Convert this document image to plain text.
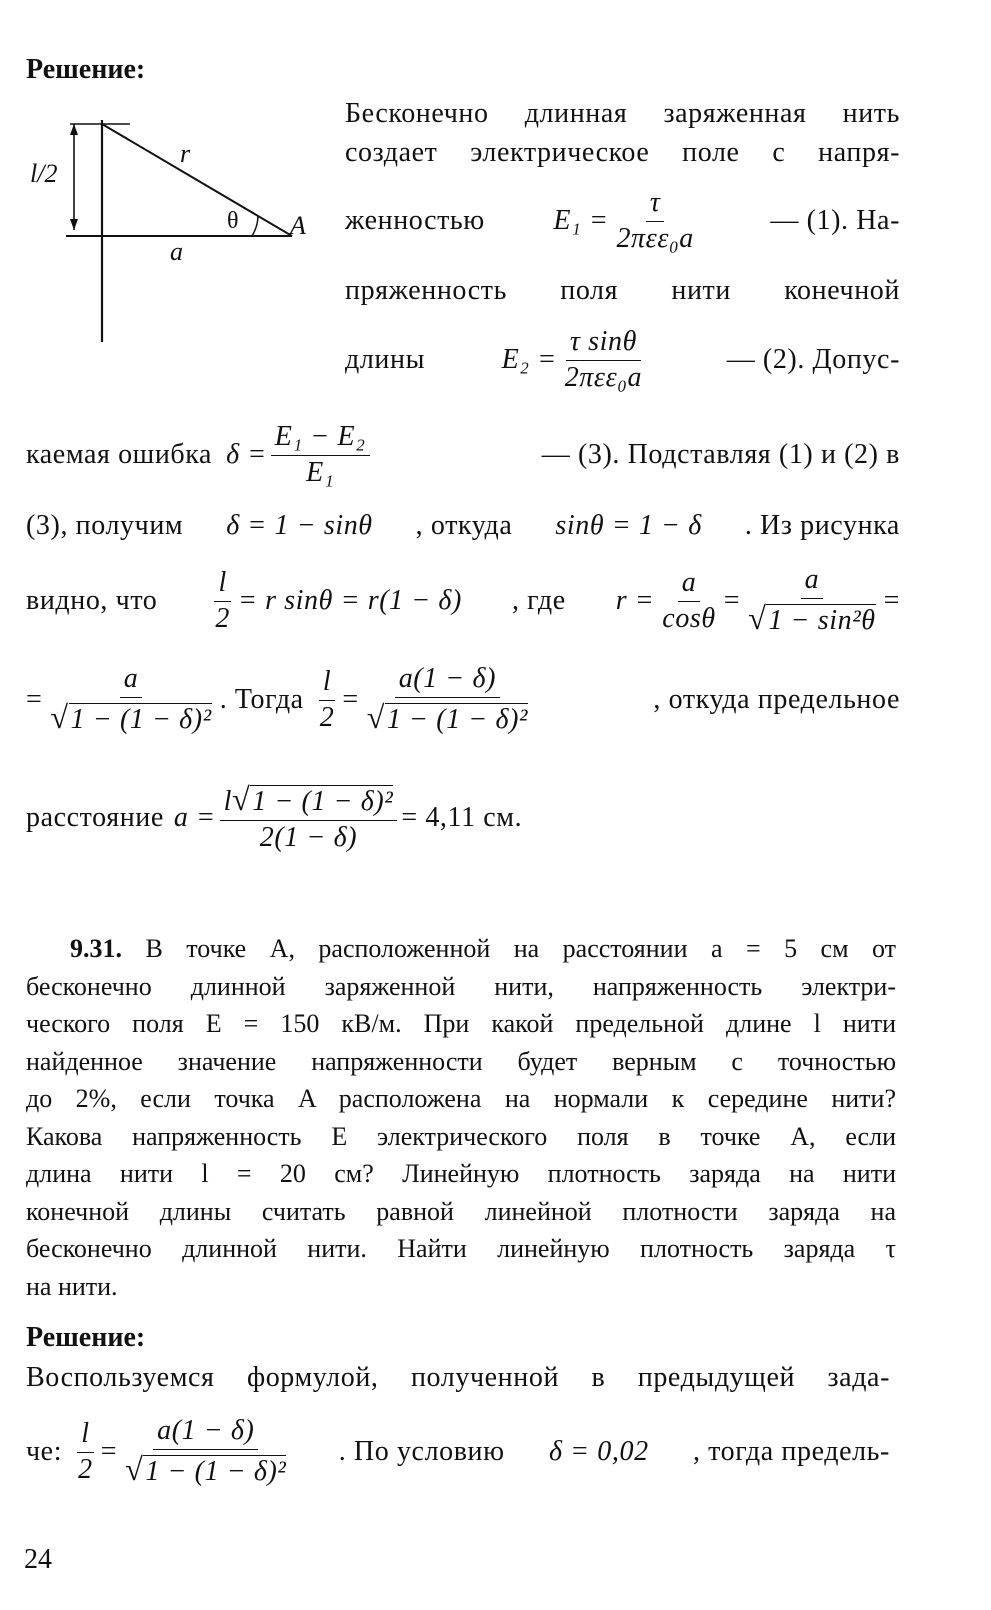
Решение:
l/2
r
θ A
a
Бесконечно длинная заряженная нить
создает электрическое поле с напря-
женностью $E_1 = \frac{\tau}{\text{2πεε₀a}}$	— (1). На-
пряженность поля нити конечной
длины	$E_2 = \frac{\text{τ sinθ}}{\text{2πεε₀a}}$	— (2). Допус-
каемая ошибка $\delta = \frac{\text{E₁ − E₂}}{\text{E₁}}$	— (3). Подставляя (1) и (2) в
(3), получим δ = 1 − sinθ , откуда sinθ = 1 − δ . Из рисунка
видно, что $\frac{l}{2} = r$ sinθ = r(1 − δ) , где $r = \frac{a}{\cos\theta} = \frac{a}{\text{√1 − sin²θ}}$ =
= $\frac{a}{\text{√1 − (1 − δ)²}}$ . Тогда $\frac{l}{2} = \frac{a(1 - \delta)}{\text{√1 − (1 − δ)²}}$	, откуда предельное
расстояние $a = \frac{\text{l√1 − (1 − δ)²}}{2(1 - \delta)} = 4,11$ см.
9.31. В точке A, расположенной на расстоянии a = 5 см от
бесконечно длинной заряженной нити, напряженность электри-
ческого поля E = 150 кВ/м. При какой предельной длине l нити
найденное значение напряженности будет верным с точностью
до 2%, если точка A расположена на нормали к середине нити?
Какова напряженность E электрического поля в точке A, если
длина нити l = 20 см? Линейную плотность заряда на нити
конечной длины считать равной линейной плотности заряда на
бесконечно длинной нити. Найти линейную плотность заряда τ
на нити.
Решение:
Воспользуемся формулой, полученной в предыдущей зада-
че: $\frac{l}{2} = \frac{a(1 - \delta)}{\text{√1 − (1 − δ)²}}$ . По условию δ = 0,02 , тогда предель-
24
